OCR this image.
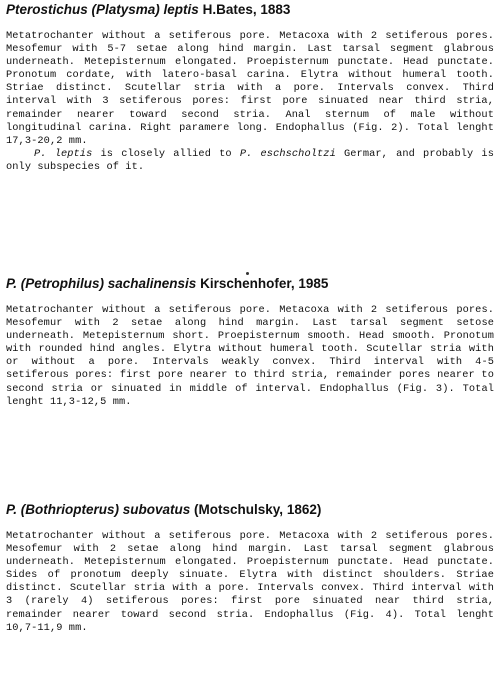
Pterostichus (Platysma) leptis H.Bates, 1883

Metatrochanter without a setiferous pore. Metacoxa with 2 setiferous pores. Mesofemur with 5-7 setae along hind margin. Last tarsal segment glabrous underneath. Metepisternum elongated. Proepisternum punctate. Head punctate. Pronotum cordate, with latero-basal carina. Elytra without humeral tooth. Striae distinct. Scutellar stria with a pore. Intervals convex. Third interval with 3 setiferous pores: first pore sinuated near third stria, remainder nearer toward second stria. Anal sternum of male without longitudinal carina. Right paramere long. Endophallus (Fig. 2). Total lenght 17,3-20,2 mm.

P. leptis is closely allied to P. eschscholtzi Germar, and probably is only subspecies of it.

P. (Petrophilus) sachalinensis Kirschenhofer, 1985

Metatrochanter without a setiferous pore. Metacoxa with 2 setiferous pores. Mesofemur with 2 setae along hind margin. Last tarsal segment setose underneath. Metepisternum short. Proepisternum smooth. Head smooth. Pronotum with rounded hind angles. Elytra without humeral tooth. Scutellar stria with or without a pore. Intervals weakly convex. Third interval with 4-5 setiferous pores: first pore nearer to third stria, remainder pores nearer to second stria or sinuated in middle of interval. Endophallus (Fig. 3). Total lenght 11,3-12,5 mm.

P. (Bothriopterus) subovatus (Motschulsky, 1862)

Metatrochanter without a setiferous pore. Metacoxa with 2 setiferous pores. Mesofemur with 2 setae along hind margin. Last tarsal segment glabrous underneath. Metepisternum elongated. Proepisternum punctate. Head punctate. Sides of pronotum deeply sinuate. Elytra with distinct shoulders. Striae distinct. Scutellar stria with a pore. Intervals convex. Third interval with 3 (rarely 4) setiferous pores: first pore sinuated near third stria, remainder nearer toward second stria. Endophallus (Fig. 4). Total lenght 10,7-11,9 mm.
